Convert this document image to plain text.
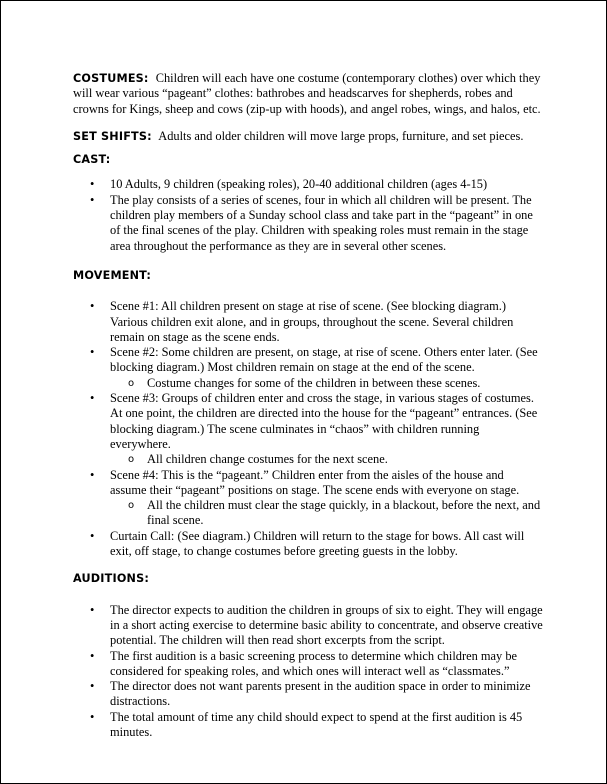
COSTUMES: Children will each have one costume (contemporary clothes) over which they will wear various “pageant” clothes: bathrobes and headscarves for shepherds, robes and crowns for Kings, sheep and cows (zip-up with hoods), and angel robes, wings, and halos, etc.

SET SHIFTS: Adults and older children will move large props, furniture, and set pieces.

CAST:
• 10 Adults, 9 children (speaking roles), 20-40 additional children (ages 4-15)
• The play consists of a series of scenes, four in which all children will be present. The children play members of a Sunday school class and take part in the “pageant” in one of the final scenes of the play. Children with speaking roles must remain in the stage area throughout the performance as they are in several other scenes.
MOVEMENT:
• Scene #1: All children present on stage at rise of scene. (See blocking diagram.) Various children exit alone, and in groups, throughout the scene. Several children remain on stage as the scene ends.
• Scene #2: Some children are present, on stage, at rise of scene. Others enter later. (See blocking diagram.) Most children remain on stage at the end of the scene.
o Costume changes for some of the children in between these scenes.
• Scene #3: Groups of children enter and cross the stage, in various stages of costumes. At one point, the children are directed into the house for the “pageant” entrances. (See blocking diagram.) The scene culminates in “chaos” with children running everywhere.
o All children change costumes for the next scene.
• Scene #4: This is the “pageant.” Children enter from the aisles of the house and assume their “pageant” positions on stage. The scene ends with everyone on stage.
o All the children must clear the stage quickly, in a blackout, before the next, and final scene.
• Curtain Call: (See diagram.) Children will return to the stage for bows. All cast will exit, off stage, to change costumes before greeting guests in the lobby.
AUDITIONS:
• The director expects to audition the children in groups of six to eight. They will engage in a short acting exercise to determine basic ability to concentrate, and observe creative potential. The children will then read short excerpts from the script.
• The first audition is a basic screening process to determine which children may be considered for speaking roles, and which ones will interact well as “classmates.”
• The director does not want parents present in the audition space in order to minimize distractions.
• The total amount of time any child should expect to spend at the first audition is 45 minutes.
